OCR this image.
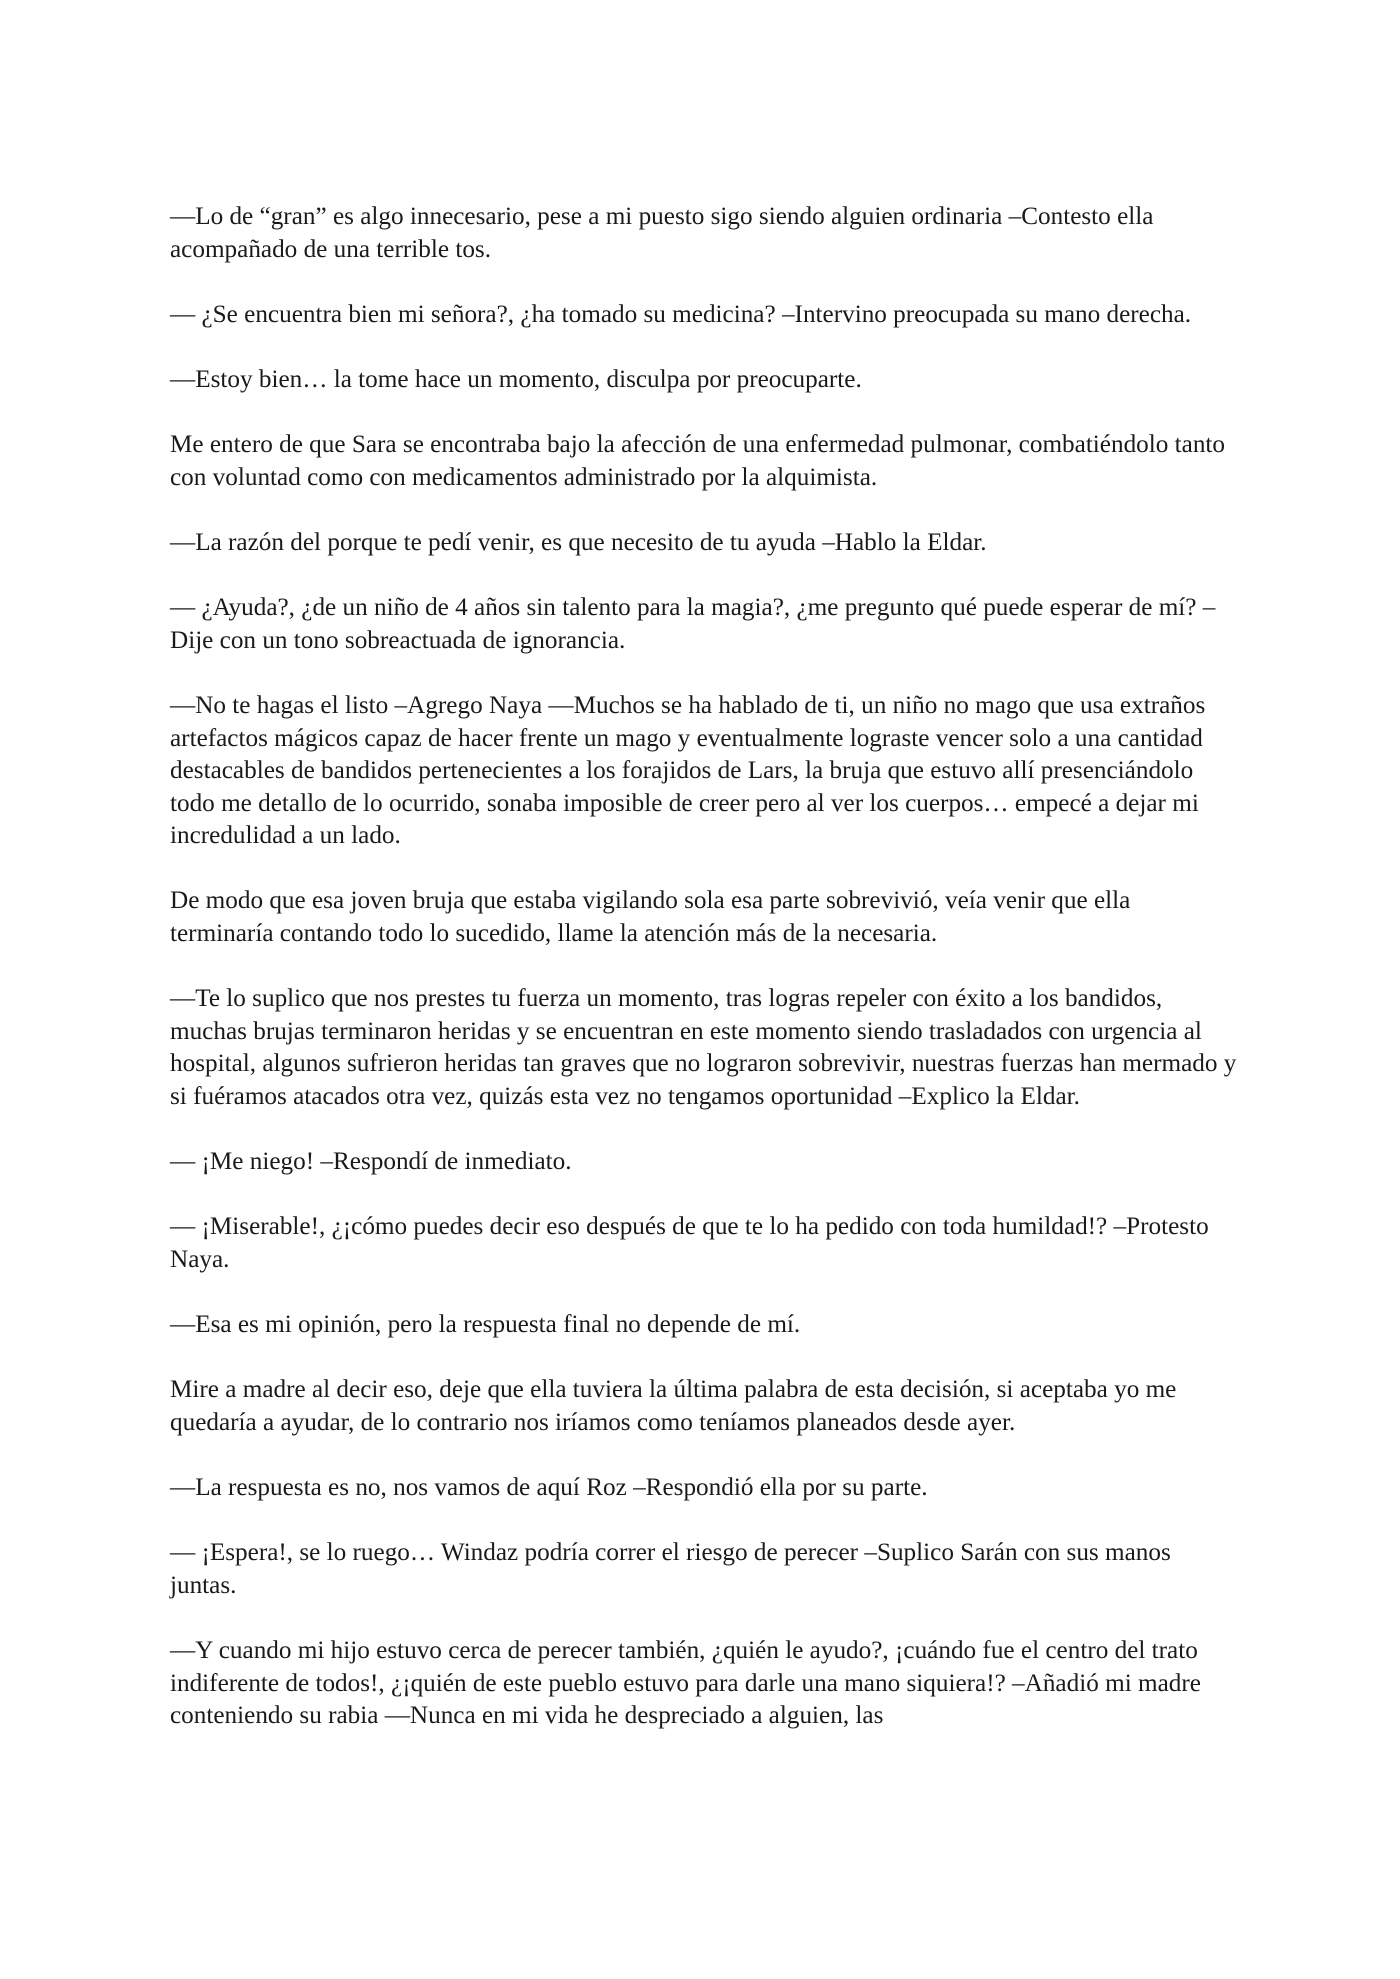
—Lo de “gran” es algo innecesario, pese a mi puesto sigo siendo alguien ordinaria –Contesto ella acompañado de una terrible tos.

— ¿Se encuentra bien mi señora?, ¿ha tomado su medicina? –Intervino preocupada su mano derecha.

—Estoy bien… la tome hace un momento, disculpa por preocuparte.

Me entero de que Sara se encontraba bajo la afección de una enfermedad pulmonar, combatiéndolo tanto con voluntad como con medicamentos administrado por la alquimista.

—La razón del porque te pedí venir, es que necesito de tu ayuda –Hablo la Eldar.

— ¿Ayuda?, ¿de un niño de 4 años sin talento para la magia?, ¿me pregunto qué puede esperar de mí? –Dije con un tono sobreactuada de ignorancia.

—No te hagas el listo –Agrego Naya —Muchos se ha hablado de ti, un niño no mago que usa extraños artefactos mágicos capaz de hacer frente un mago y eventualmente lograste vencer solo a una cantidad destacables de bandidos pertenecientes a los forajidos de Lars, la bruja que estuvo allí presenciándolo todo me detallo de lo ocurrido, sonaba imposible de creer pero al ver los cuerpos… empecé a dejar mi incredulidad a un lado.

De modo que esa joven bruja que estaba vigilando sola esa parte sobrevivió, veía venir que ella terminaría contando todo lo sucedido, llame la atención más de la necesaria.

—Te lo suplico que nos prestes tu fuerza un momento, tras logras repeler con éxito a los bandidos, muchas brujas terminaron heridas y se encuentran en este momento siendo trasladados con urgencia al hospital, algunos sufrieron heridas tan graves que no lograron sobrevivir, nuestras fuerzas han mermado y si fuéramos atacados otra vez, quizás esta vez no tengamos oportunidad –Explico la Eldar.

— ¡Me niego! –Respondí de inmediato.

— ¡Miserable!, ¿¡cómo puedes decir eso después de que te lo ha pedido con toda humildad!? –Protesto Naya.

—Esa es mi opinión, pero la respuesta final no depende de mí.

Mire a madre al decir eso, deje que ella tuviera la última palabra de esta decisión, si aceptaba yo me quedaría a ayudar, de lo contrario nos iríamos como teníamos planeados desde ayer.

—La respuesta es no, nos vamos de aquí Roz –Respondió ella por su parte.

— ¡Espera!, se lo ruego… Windaz podría correr el riesgo de perecer –Suplico Sarán con sus manos juntas.

—Y cuando mi hijo estuvo cerca de perecer también, ¿quién le ayudo?, ¡cuándo fue el centro del trato indiferente de todos!, ¿¡quién de este pueblo estuvo para darle una mano siquiera!? –Añadió mi madre conteniendo su rabia —Nunca en mi vida he despreciado a alguien, las
